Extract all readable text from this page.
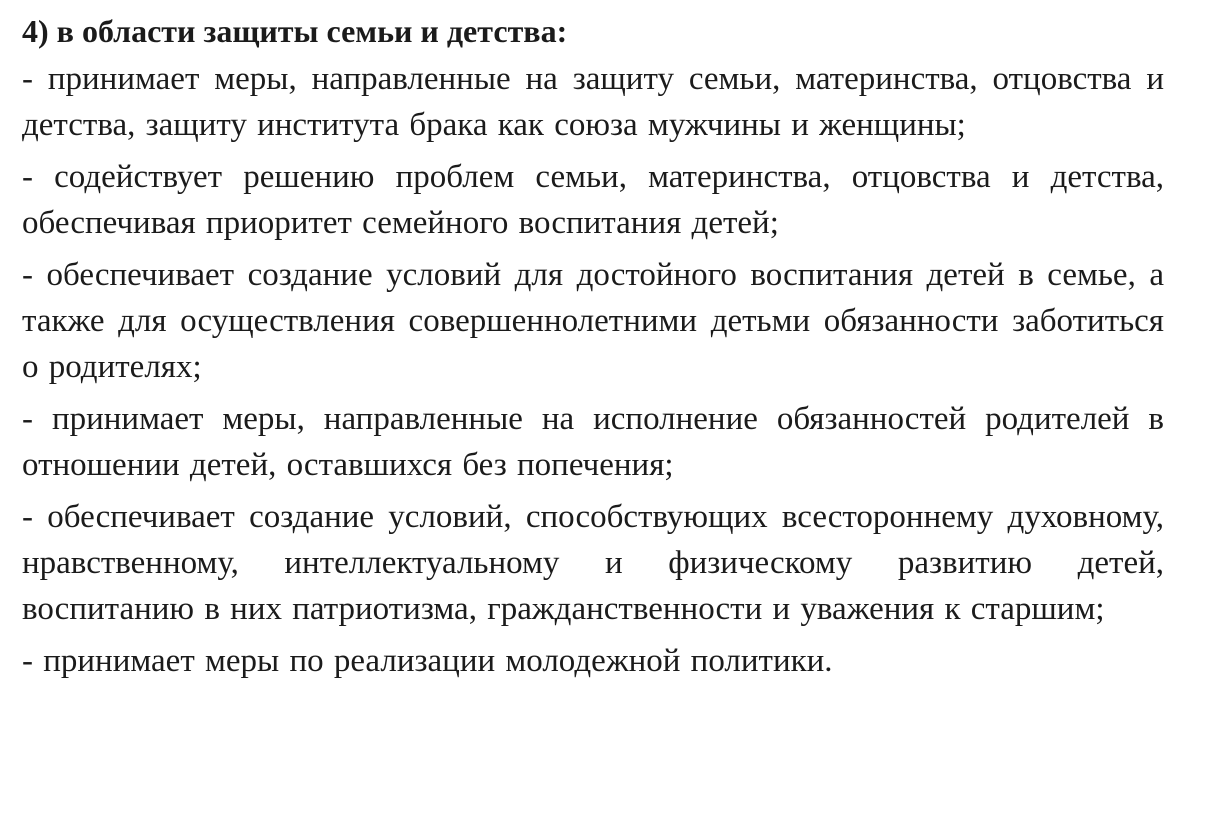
4) в области защиты семьи и детства:

- принимает меры, направленные на защиту семьи, материнства, отцовства и детства, защиту института брака как союза мужчины и женщины;

- содействует решению проблем семьи, материнства, отцовства и детства, обеспечивая приоритет семейного воспитания детей;

- обеспечивает создание условий для достойного воспитания детей в семье, а также для осуществления совершеннолетними детьми обязанности заботиться о родителях;

- принимает меры, направленные на исполнение обязанностей родителей в отношении детей, оставшихся без попечения;

- обеспечивает создание условий, способствующих всестороннему духовному, нравственному, интеллектуальному и физическому развитию детей, воспитанию в них патриотизма, гражданственности и уважения к старшим;

- принимает меры по реализации молодежной политики.
